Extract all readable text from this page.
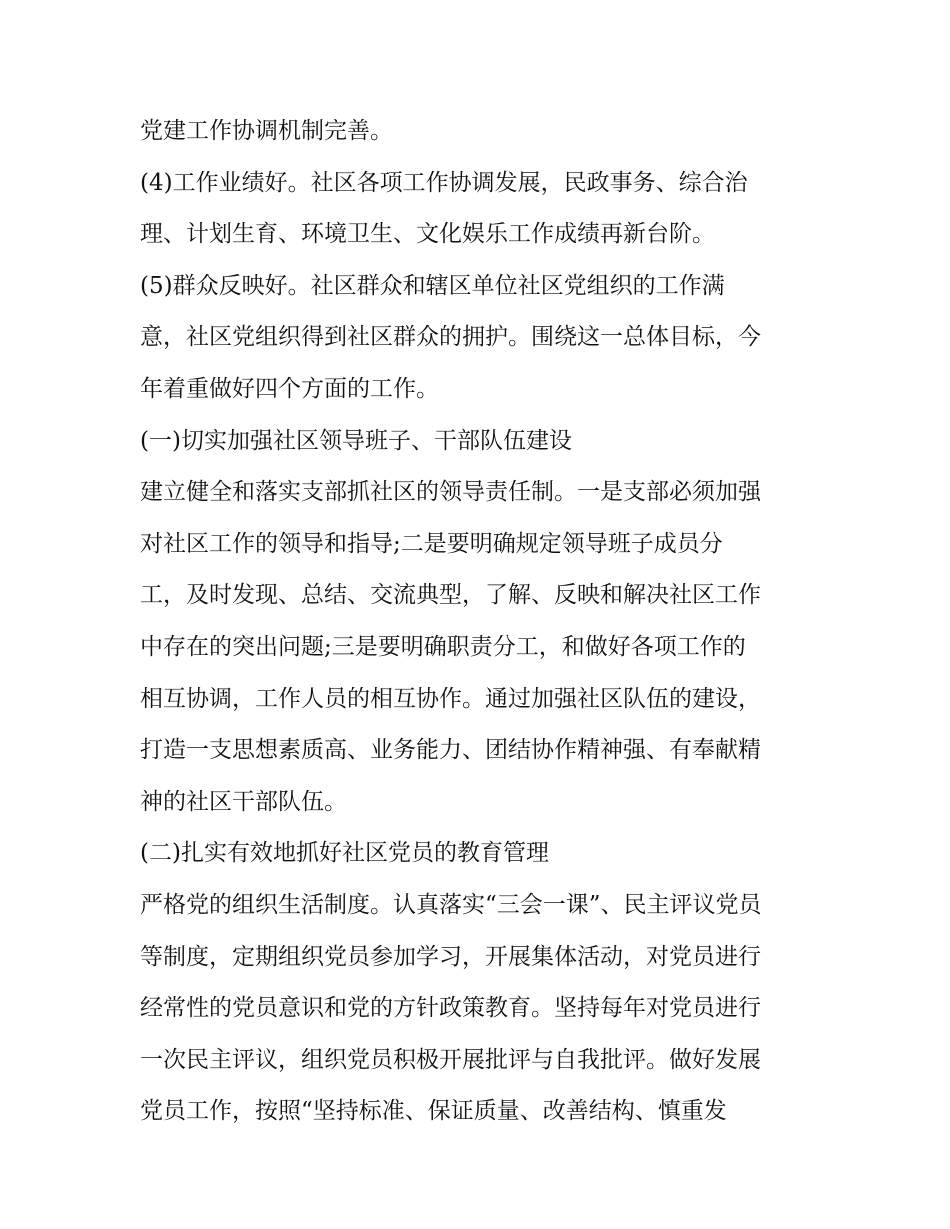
党建工作协调机制完善。
(4)工作业绩好。社区各项工作协调发展，民政事务、综合治
理、计划生育、环境卫生、文化娱乐工作成绩再新台阶。
(5)群众反映好。社区群众和辖区单位社区党组织的工作满
意，社区党组织得到社区群众的拥护。围绕这一总体目标，今
年着重做好四个方面的工作。
(一)切实加强社区领导班子、干部队伍建设
建立健全和落实支部抓社区的领导责任制。一是支部必须加强
对社区工作的领导和指导;二是要明确规定领导班子成员分
工，及时发现、总结、交流典型，了解、反映和解决社区工作
中存在的突出问题;三是要明确职责分工，和做好各项工作的
相互协调，工作人员的相互协作。通过加强社区队伍的建设，
打造一支思想素质高、业务能力、团结协作精神强、有奉献精
神的社区干部队伍。
(二)扎实有效地抓好社区党员的教育管理
严格党的组织生活制度。认真落实“三会一课”、民主评议党员
等制度，定期组织党员参加学习，开展集体活动，对党员进行
经常性的党员意识和党的方针政策教育。坚持每年对党员进行
一次民主评议，组织党员积极开展批评与自我批评。做好发展
党员工作，按照“坚持标准、保证质量、改善结构、慎重发
